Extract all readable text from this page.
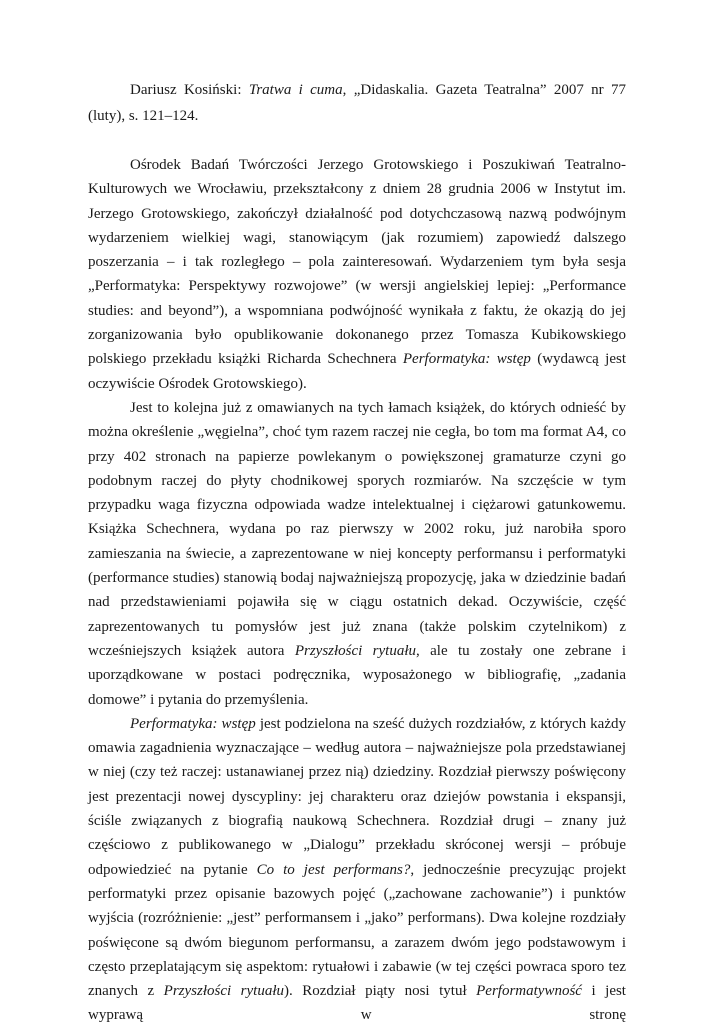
Dariusz Kosiński: Tratwa i cuma, „Didaskalia. Gazeta Teatralna” 2007 nr 77 (luty), s. 121–124.

Ośrodek Badań Twórczości Jerzego Grotowskiego i Poszukiwań Teatralno-Kulturowych we Wrocławiu, przekształcony z dniem 28 grudnia 2006 w Instytut im. Jerzego Grotowskiego, zakończył działalność pod dotychczasową nazwą podwójnym wydarzeniem wielkiej wagi, stanowiącym (jak rozumiem) zapowiedź dalszego poszerzania – i tak rozległego – pola zainteresowań. Wydarzeniem tym była sesja „Performatyka: Perspektywy rozwojowe” (w wersji angielskiej lepiej: „Performance studies: and beyond”), a wspomniana podwójność wynikała z faktu, że okazją do jej zorganizowania było opublikowanie dokonanego przez Tomasza Kubikowskiego polskiego przekładu książki Richarda Schechnera Performatyka: wstęp (wydawcą jest oczywiście Ośrodek Grotowskiego).

Jest to kolejna już z omawianych na tych łamach książek, do których odnieść by można określenie „węgielna”, choć tym razem raczej nie cegła, bo tom ma format A4, co przy 402 stronach na papierze powlekanym o powiększonej gramaturze czyni go podobnym raczej do płyty chodnikowej sporych rozmiarów. Na szczęście w tym przypadku waga fizyczna odpowiada wadze intelektualnej i ciężarowi gatunkowemu. Książka Schechnera, wydana po raz pierwszy w 2002 roku, już narobiła sporo zamieszania na świecie, a zaprezentowane w niej koncepty performansu i performatyki (performance studies) stanowią bodaj najważniejszą propozycję, jaka w dziedzinie badań nad przedstawieniami pojawiła się w ciągu ostatnich dekad. Oczywiście, część zaprezentowanych tu pomysłów jest już znana (także polskim czytelnikom) z wcześniejszych książek autora Przyszłości rytuału, ale tu zostały one zebrane i uporządkowane w postaci podręcznika, wyposażonego w bibliografię, „zadania domowe” i pytania do przemyślenia.

Performatyka: wstęp jest podzielona na sześć dużych rozdziałów, z których każdy omawia zagadnienia wyznaczające – według autora – najważniejsze pola przedstawianej w niej (czy też raczej: ustanawianej przez nią) dziedziny. Rozdział pierwszy poświęcony jest prezentacji nowej dyscypliny: jej charakteru oraz dziejów powstania i ekspansji, ściśle związanych z biografią naukową Schechnera. Rozdział drugi – znany już częściowo z publikowanego w „Dialogu” przekładu skróconej wersji – próbuje odpowiedzieć na pytanie Co to jest performans?, jednocześnie precyzując projekt performatyki przez opisanie bazowych pojęć („zachowane zachowanie”) i punktów wyjścia (rozróżnienie: „jest” performansem i „jako” performans). Dwa kolejne rozdziały poświęcone są dwóm biegunom performansu, a zarazem dwóm jego podstawowym i często przeplatającym się aspektom: rytuałowi i zabawie (w tej części powraca sporo tez znanych z Przyszłości rytuału). Rozdział piąty nosi tytuł Performatywność i jest wyprawą w stronę
